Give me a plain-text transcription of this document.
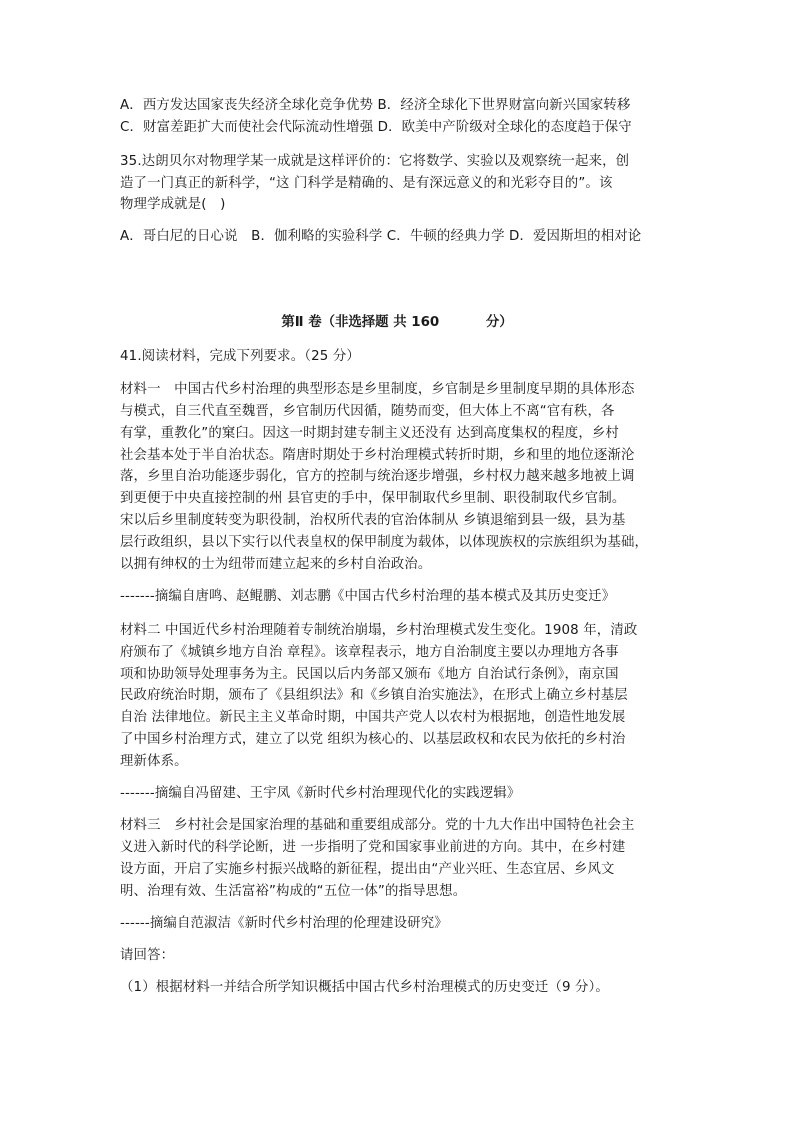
A．西方发达国家丧失经济全球化竞争优势 B．经济全球化下世界财富向新兴国家转移
C．财富差距扩大而使社会代际流动性增强 D．欧美中产阶级对全球化的态度趋于保守
35.达朗贝尔对物理学某一成就是这样评价的：它将数学、实验以及观察统一起来，创
造了一门真正的新科学，“这 门科学是精确的、是有深远意义的和光彩夺目的”。该
物理学成就是(　)
A．哥白尼的日心说　B．伽利略的实验科学 C．牛顿的经典力学 D．爱因斯坦的相对论
第Ⅱ 卷（非选择题 共 160          分）
41.阅读材料，完成下列要求。（25 分）
材料一　中国古代乡村治理的典型形态是乡里制度，乡官制是乡里制度早期的具体形态
与模式，自三代直至魏晋，乡官制历代因循，随势而变，但大体上不离“官有秩，各
有掌，重教化”的窠臼。因这一时期封建专制主义还没有 达到高度集权的程度，乡村
社会基本处于半自治状态。隋唐时期处于乡村治理模式转折时期，乡和里的地位逐渐沦
落，乡里自治功能逐步弱化，官方的控制与统治逐步增强，乡村权力越来越多地被上调
到更便于中央直接控制的州 县官吏的手中，保甲制取代乡里制、职役制取代乡官制。
宋以后乡里制度转变为职役制，治权所代表的官治体制从 乡镇退缩到县一级，县为基
层行政组织，县以下实行以代表皇权的保甲制度为载体，以体现族权的宗族组织为基础，
以拥有绅权的士为纽带而建立起来的乡村自治政治。
-------摘编自唐鸣、赵鲲鹏、刘志鹏《中国古代乡村治理的基本模式及其历史变迁》
材料二 中国近代乡村治理随着专制统治崩塌，乡村治理模式发生变化。1908 年，清政
府颁布了《城镇乡地方自治 章程》。该章程表示，地方自治制度主要以办理地方各事
项和协助领导处理事务为主。民国以后内务部又颁布《地方 自治试行条例》，南京国
民政府统治时期，颁布了《县组织法》和《乡镇自治实施法》，在形式上确立乡村基层
自治 法律地位。新民主主义革命时期，中国共产党人以农村为根据地，创造性地发展
了中国乡村治理方式，建立了以党 组织为核心的、以基层政权和农民为依托的乡村治
理新体系。
-------摘编自冯留建、王宇凤《新时代乡村治理现代化的实践逻辑》
材料三　乡村社会是国家治理的基础和重要组成部分。党的十九大作出中国特色社会主
义进入新时代的科学论断，进 一步指明了党和国家事业前进的方向。其中，在乡村建
设方面，开启了实施乡村振兴战略的新征程，提出由“产业兴旺、生态宜居、乡风文
明、治理有效、生活富裕”构成的“五位一体”的指导思想。
------摘编自范淑洁《新时代乡村治理的伦理建设研究》
请回答：
（1）根据材料一并结合所学知识概括中国古代乡村治理模式的历史变迁（9 分）。
